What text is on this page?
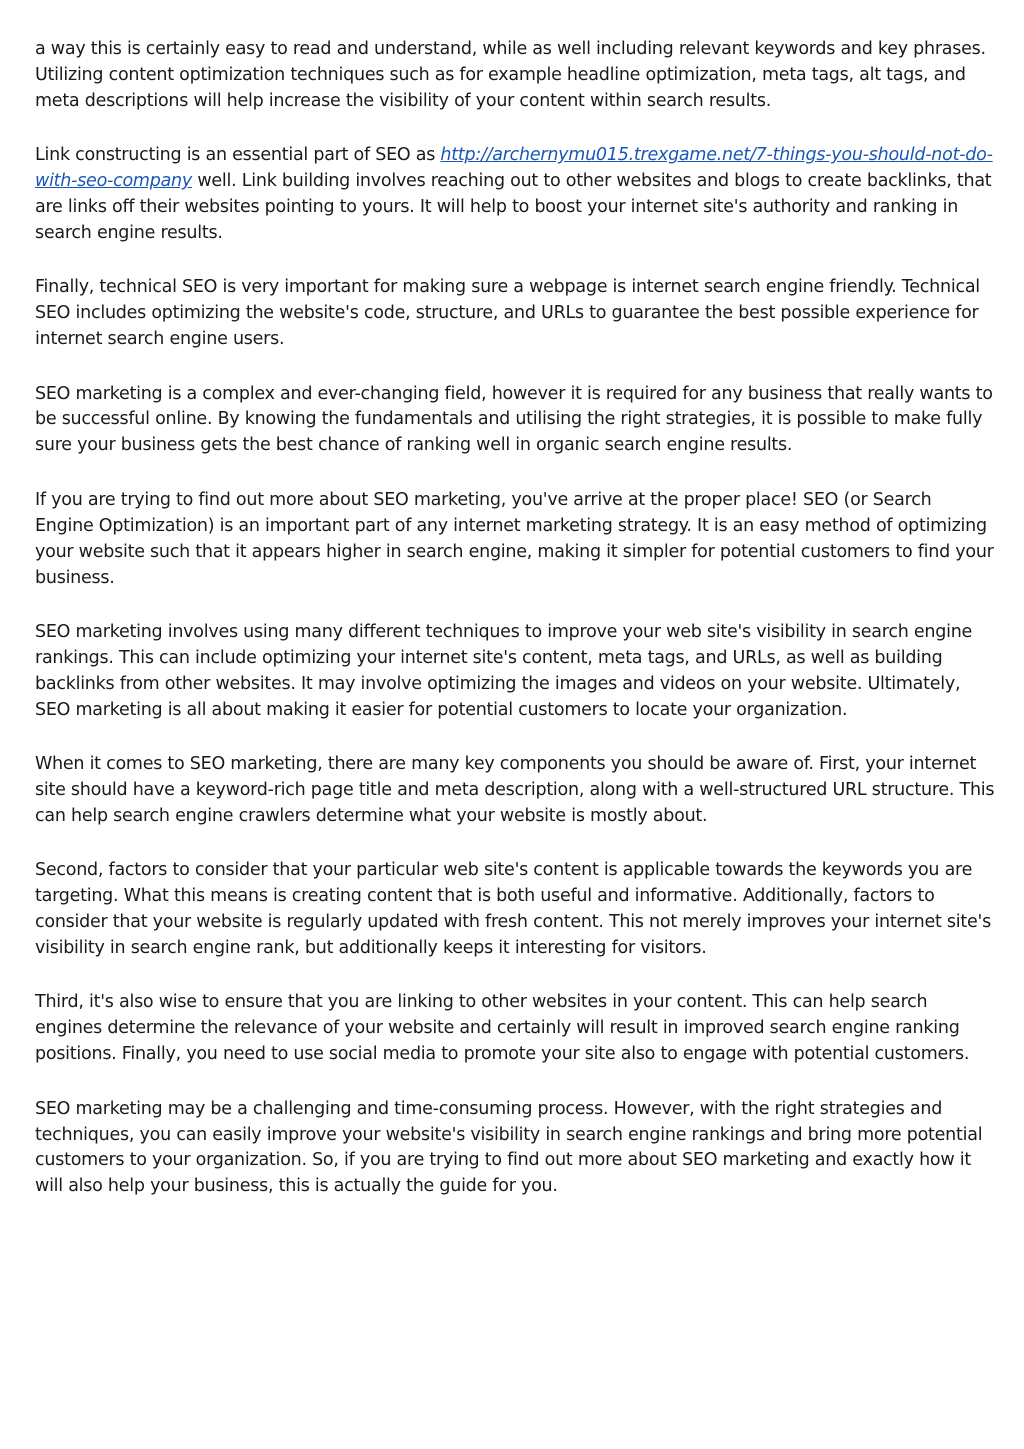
a way this is certainly easy to read and understand, while as well including relevant keywords and key phrases. Utilizing content optimization techniques such as for example headline optimization, meta tags, alt tags, and meta descriptions will help increase the visibility of your content within search results.

Link constructing is an essential part of SEO as http://archernymu015.trexgame.net/7-things-you-should-not-do-with-seo-company well. Link building involves reaching out to other websites and blogs to create backlinks, that are links off their websites pointing to yours. It will help to boost your internet site's authority and ranking in search engine results.

Finally, technical SEO is very important for making sure a webpage is internet search engine friendly. Technical SEO includes optimizing the website's code, structure, and URLs to guarantee the best possible experience for internet search engine users.

SEO marketing is a complex and ever-changing field, however it is required for any business that really wants to be successful online. By knowing the fundamentals and utilising the right strategies, it is possible to make fully sure your business gets the best chance of ranking well in organic search engine results.

If you are trying to find out more about SEO marketing, you've arrive at the proper place! SEO (or Search Engine Optimization) is an important part of any internet marketing strategy. It is an easy method of optimizing your website such that it appears higher in search engine, making it simpler for potential customers to find your business.

SEO marketing involves using many different techniques to improve your web site's visibility in search engine rankings. This can include optimizing your internet site's content, meta tags, and URLs, as well as building backlinks from other websites. It may involve optimizing the images and videos on your website. Ultimately, SEO marketing is all about making it easier for potential customers to locate your organization.

When it comes to SEO marketing, there are many key components you should be aware of. First, your internet site should have a keyword-rich page title and meta description, along with a well-structured URL structure. This can help search engine crawlers determine what your website is mostly about.

Second, factors to consider that your particular web site's content is applicable towards the keywords you are targeting. What this means is creating content that is both useful and informative. Additionally, factors to consider that your website is regularly updated with fresh content. This not merely improves your internet site's visibility in search engine rank, but additionally keeps it interesting for visitors.

Third, it's also wise to ensure that you are linking to other websites in your content. This can help search engines determine the relevance of your website and certainly will result in improved search engine ranking positions. Finally, you need to use social media to promote your site also to engage with potential customers.

SEO marketing may be a challenging and time-consuming process. However, with the right strategies and techniques, you can easily improve your website's visibility in search engine rankings and bring more potential customers to your organization. So, if you are trying to find out more about SEO marketing and exactly how it will also help your business, this is actually the guide for you.
